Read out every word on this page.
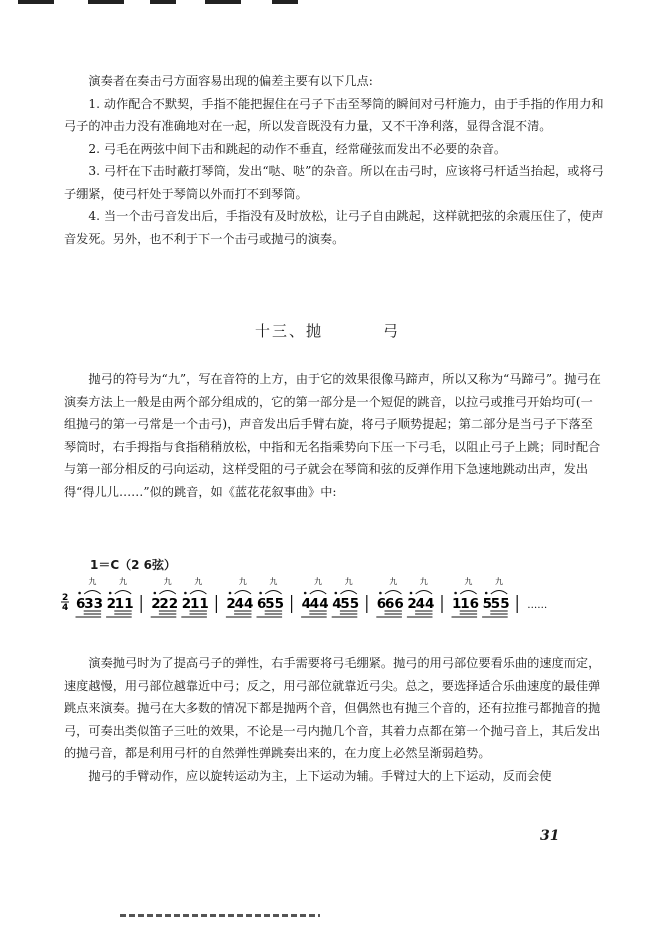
演奏者在奏击弓方面容易出现的偏差主要有以下几点:
1. 动作配合不默契，手指不能把握住在弓子下击至琴筒的瞬间对弓杆施力，由于手指的作用力和弓子的冲击力没有准确地对在一起，所以发音既没有力量，又不干净利落，显得含混不清。
2. 弓毛在两弦中间下击和跳起的动作不垂直，经常碰弦而发出不必要的杂音。
3. 弓杆在下击时蔽打琴筒，发出“哒、哒”的杂音。所以在击弓时，应该将弓杆适当抬起，或将弓子绷紧，使弓杆处于琴筒以外而打不到琴筒。
4. 当一个击弓音发出后，手指没有及时放松，让弓子自由跳起，这样就把弦的余震压住了，使声音发死。另外，也不利于下一个击弓或抛弓的演奏。
十三、抛	弓
抛弓的符号为“九”，写在音符的上方，由于它的效果很像马蹄声，所以又称为“马蹄弓”。抛弓在演奏方法上一般是由两个部分组成的，它的第一部分是一个短促的跳音，以拉弓或推弓开始均可(一组抛弓的第一弓常是一个击弓)，声音发出后手臂右旋，将弓子顺势提起；第二部分是当弓子下落至琴筒时，右手拇指与食指稍稍放松，中指和无名指乘势向下压一下弓毛，以阻止弓子上跳；同时配合与第一部分相反的弓向运动，这样受阻的弓子就会在琴筒和弦的反弹作用下急速地跳动出声，发出得“得儿儿……”似的跳音，如《蓝花花叙事曲》中:
1＝C（2 6弦）
2
4 6
33
九
2
11
九
2
22
九
2
11
九
2
44
九
6
55
九
4
44
九
4
55
九
6
66
九
2
44
九
1
16
九
5
55
九
……
演奏抛弓时为了提高弓子的弹性，右手需要将弓毛绷紧。抛弓的用弓部位要看乐曲的速度而定，速度越慢，用弓部位越靠近中弓；反之，用弓部位就靠近弓尖。总之，要选择适合乐曲速度的最佳弹跳点来演奏。抛弓在大多数的情况下都是抛两个音，但偶然也有抛三个音的，还有拉推弓都抛音的抛弓，可奏出类似笛子三吐的效果，不论是一弓内抛几个音，其着力点都在第一个抛弓音上，其后发出的抛弓音，都是利用弓杆的自然弹性弹跳奏出来的，在力度上必然呈渐弱趋势。
抛弓的手臂动作，应以旋转运动为主，上下运动为辅。手臂过大的上下运动，反而会使
31
